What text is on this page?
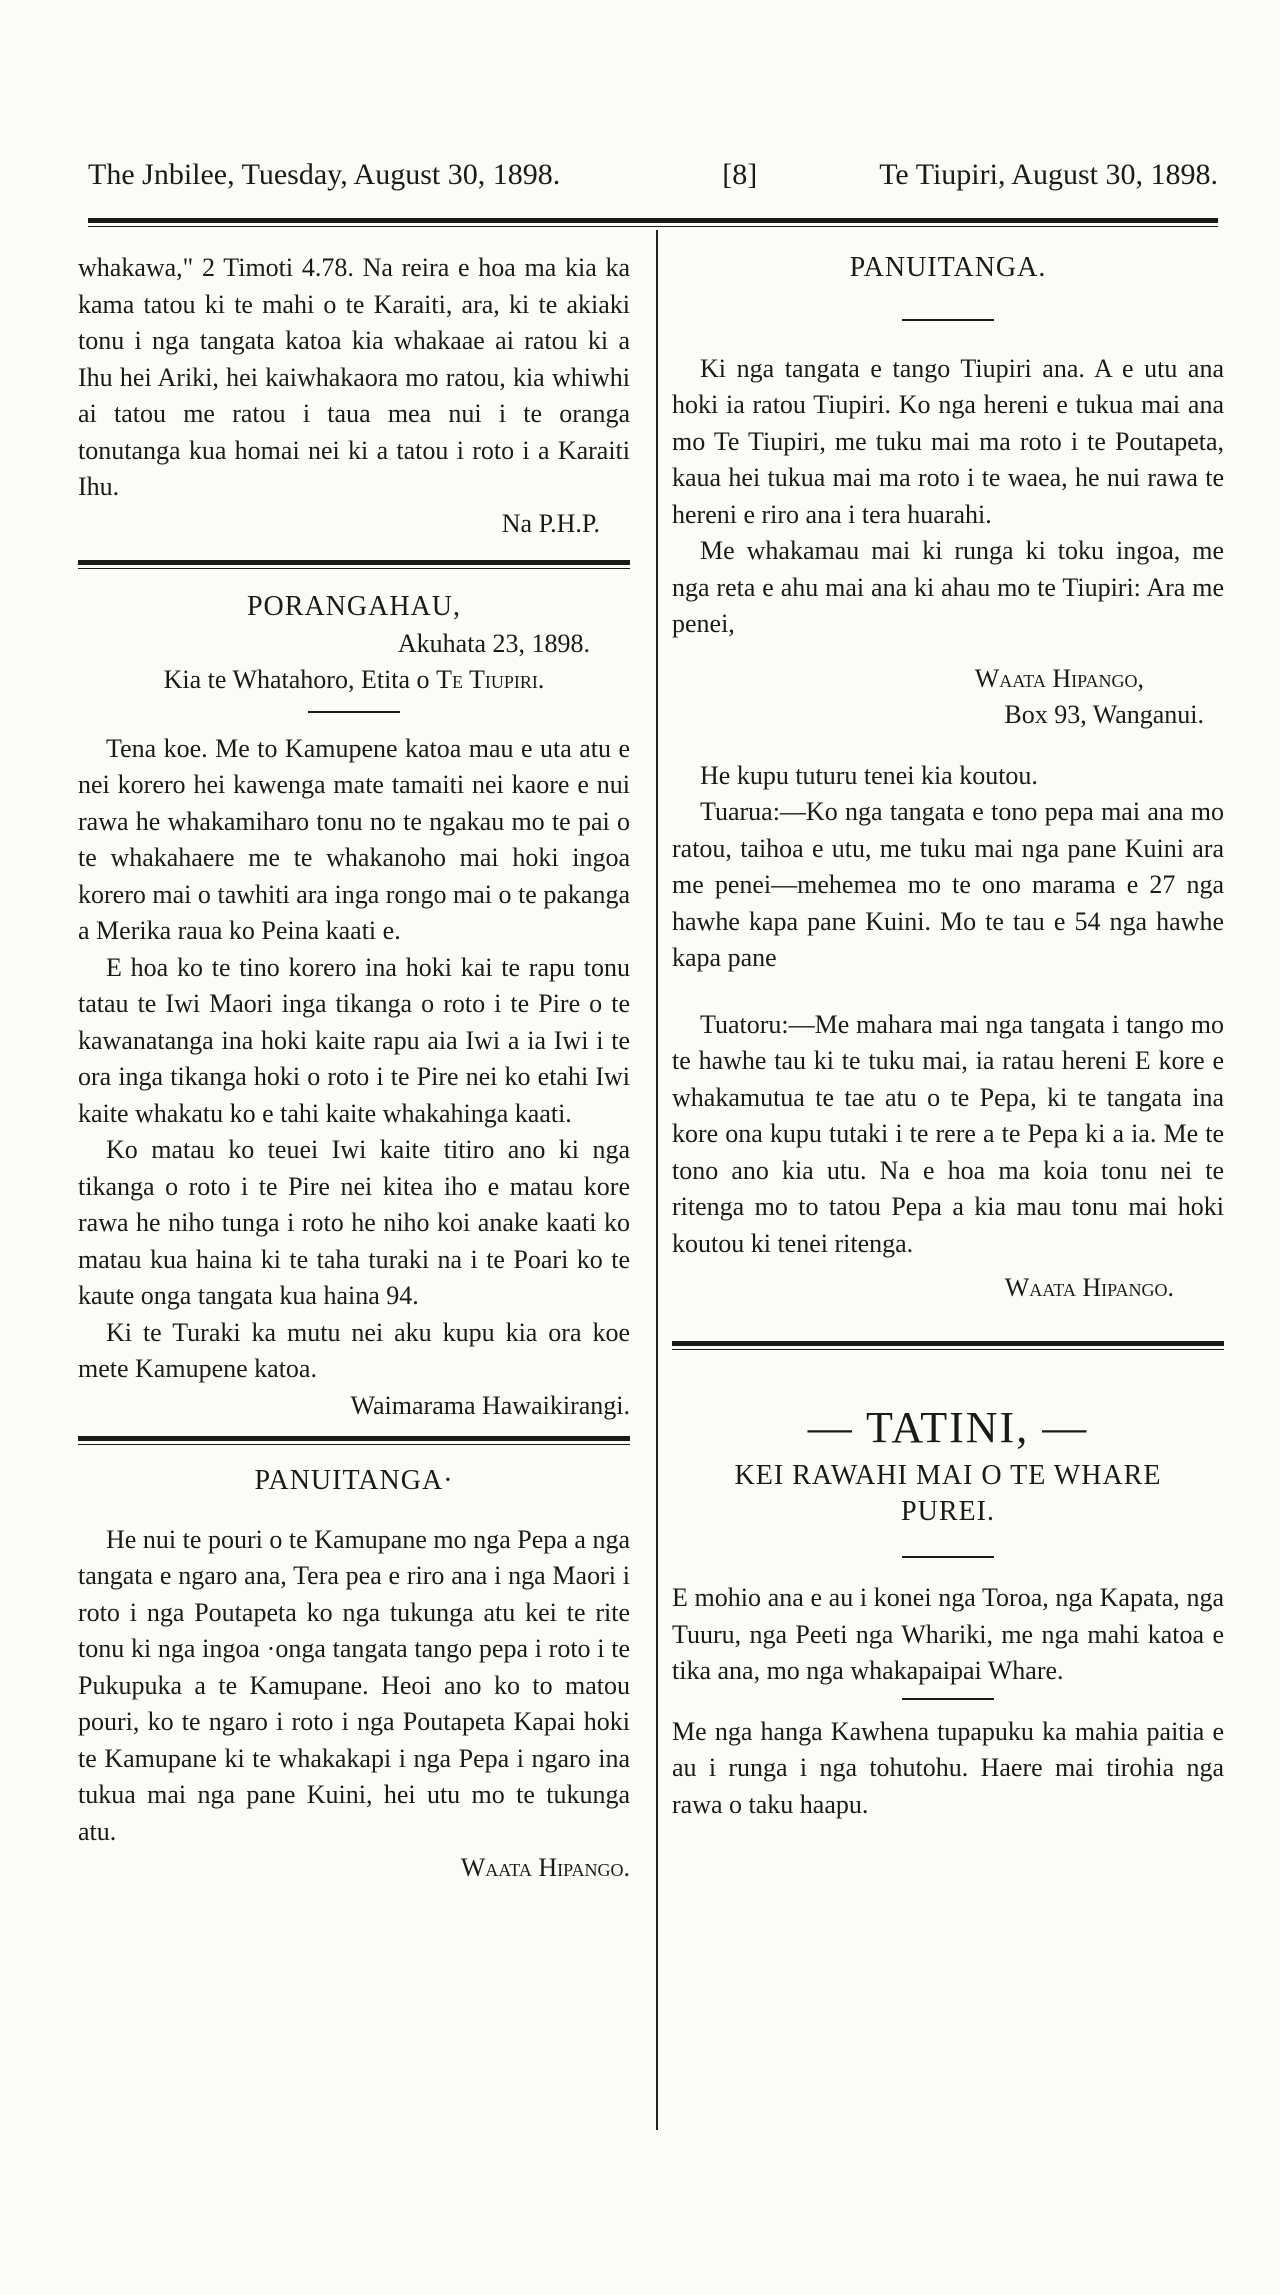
The Jnbilee, Tuesday, August 30, 1898.	[8]	Te Tiupiri, August 30, 1898.

whakawa," 2 Timoti 4.78. Na reira e hoa ma kia ka kama tatou ki te mahi o te Karaiti, ara, ki te akiaki tonu i nga tangata katoa kia whakaae ai ratou ki a Ihu hei Ariki, hei kaiwhakaora mo ratou, kia whiwhi ai tatou me ratou i taua mea nui i te oranga tonutanga kua homai nei ki a tatou i roto i a Karaiti Ihu.

Na P.H.P.

PORANGAHAU,

Akuhata 23, 1898.

Kia te Whatahoro, Etita o Te Tiupiri.

Tena koe. Me to Kamupene katoa mau e uta atu e nei korero hei kawenga mate tamaiti nei kaore e nui rawa he whakamiharo tonu no te ngakau mo te pai o te whakahaere me te whakanoho mai hoki ingoa korero mai o tawhiti ara inga rongo mai o te pakanga a Merika raua ko Peina kaati e.

E hoa ko te tino korero ina hoki kai te rapu tonu tatau te Iwi Maori inga tikanga o roto i te Pire o te kawanatanga ina hoki kaite rapu aia Iwi a ia Iwi i te ora inga tikanga hoki o roto i te Pire nei ko etahi Iwi kaite whakatu ko e tahi kaite whakahinga kaati.

Ko matau ko teuei Iwi kaite titiro ano ki nga tikanga o roto i te Pire nei kitea iho e matau kore rawa he niho tunga i roto he niho koi anake kaati ko matau kua haina ki te taha turaki na i te Poari ko te kaute onga tangata kua haina 94.

Ki te Turaki ka mutu nei aku kupu kia ora koe mete Kamupene katoa.

Waimarama Hawaikirangi.

PANUITANGA·

He nui te pouri o te Kamupane mo nga Pepa a nga tangata e ngaro ana, Tera pea e riro ana i nga Maori i roto i nga Poutapeta ko nga tukunga atu kei te rite tonu ki nga ingoa ·onga tangata tango pepa i roto i te Pukupuka a te Kamupane. Heoi ano ko to matou pouri, ko te ngaro i roto i nga Poutapeta Kapai hoki te Kamupane ki te whakakapi i nga Pepa i ngaro ina tukua mai nga pane Kuini, hei utu mo te tukunga atu.

Waata Hipango.

PANUITANGA.

Ki nga tangata e tango Tiupiri ana. A e utu ana hoki ia ratou Tiupiri. Ko nga hereni e tukua mai ana mo Te Tiupiri, me tuku mai ma roto i te Poutapeta, kaua hei tukua mai ma roto i te waea, he nui rawa te hereni e riro ana i tera huarahi.

Me whakamau mai ki runga ki toku ingoa, me nga reta e ahu mai ana ki ahau mo te Tiupiri: Ara me penei,

Waata Hipango,

Box 93, Wanganui.

He kupu tuturu tenei kia koutou.

Tuarua:—Ko nga tangata e tono pepa mai ana mo ratou, taihoa e utu, me tuku mai nga pane Kuini ara me penei—mehemea mo te ono marama e 27 nga hawhe kapa pane Kuini. Mo te tau e 54 nga hawhe kapa pane

Tuatoru:—Me mahara mai nga tangata i tango mo te hawhe tau ki te tuku mai, ia ratau hereni E kore e whakamutua te tae atu o te Pepa, ki te tangata ina kore ona kupu tutaki i te rere a te Pepa ki a ia. Me te tono ano kia utu. Na e hoa ma koia tonu nei te ritenga mo to tatou Pepa a kia mau tonu mai hoki koutou ki tenei ritenga.

Waata Hipango.

— TATINI, —
KEI RAWAHI MAI O TE WHARE PUREI.

E mohio ana e au i konei nga Toroa, nga Kapata, nga Tuuru, nga Peeti nga Whariki, me nga mahi katoa e tika ana, mo nga whakapaipai Whare.

Me nga hanga Kawhena tupapuku ka mahia paitia e au i runga i nga tohutohu. Haere mai tirohia nga rawa o taku haapu.
